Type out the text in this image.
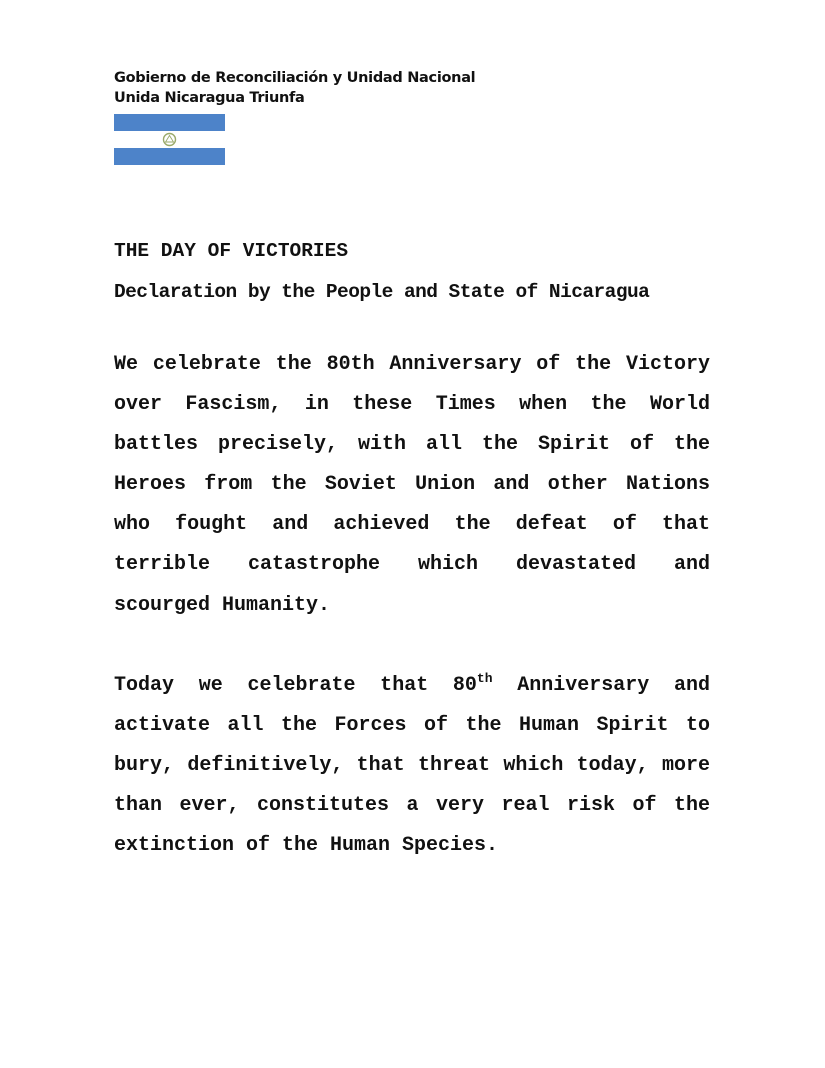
Gobierno de Reconciliación y Unidad Nacional
Unida Nicaragua Triunfa
THE DAY OF VICTORIES
Declaration by the People and State of Nicaragua

We celebrate the 80th Anniversary of the Victory over Fascism, in these Times when the World battles precisely, with all the Spirit of the Heroes from the Soviet Union and other Nations who fought and achieved the defeat of that terrible catastrophe which devastated and scourged Humanity.

Today we celebrate that 80th Anniversary and activate all the Forces of the Human Spirit to bury, definitively, that threat which today, more than ever, constitutes a very real risk of the extinction of the Human Species.
